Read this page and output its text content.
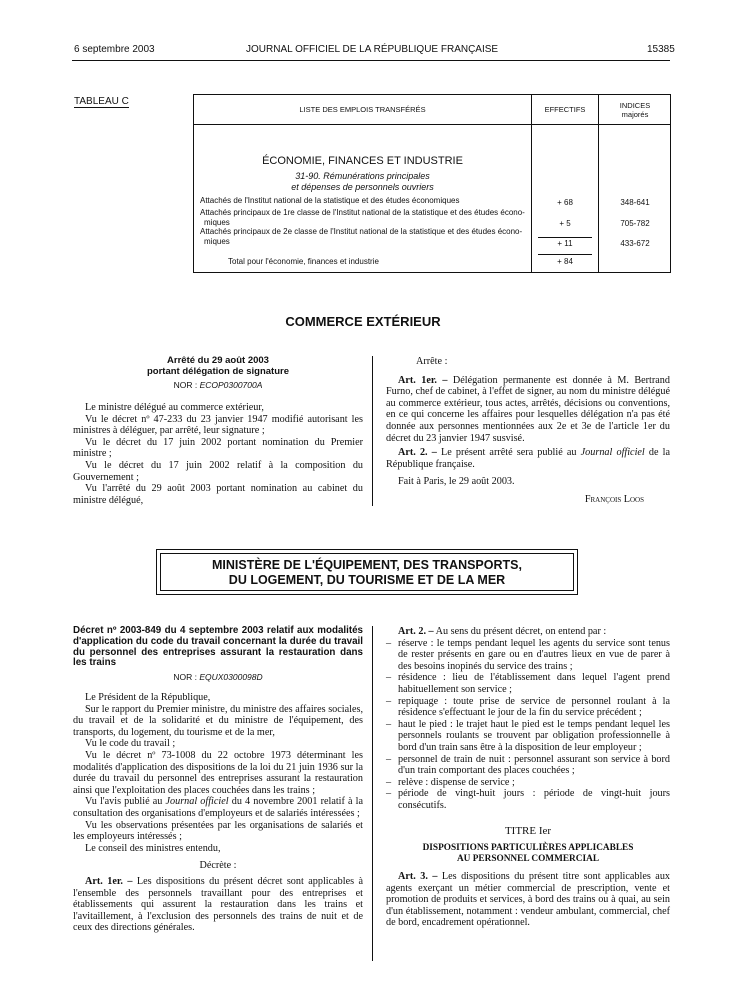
6 septembre 2003	JOURNAL OFFICIEL DE LA RÉPUBLIQUE FRANÇAISE	15385
TABLEAU C
LISTE DES EMPLOIS TRANSFÉRÉS	EFFECTIFS	INDICES
majorés
ÉCONOMIE, FINANCES ET INDUSTRIE
31-90. Rémunérations principales
et dépenses de personnels ouvriers
Attachés de l'Institut national de la statistique et des études économiques	+ 68	348-641
Attachés principaux de 1re classe de l'Institut national de la statistique et des études écono-
miques	+ 5	705-782
Attachés principaux de 2e classe de l'Institut national de la statistique et des études écono-
miques	+ 11	433-672
Total pour l'économie, finances et industrie	+ 84
COMMERCE EXTÉRIEUR
Arrêté du 29 août 2003
portant délégation de signature
NOR : ECOP0300700A
Le ministre délégué au commerce extérieur,
Vu le décret nº 47-233 du 23 janvier 1947 modifié autorisant les ministres à déléguer, par arrêté, leur signature ;
Vu le décret du 17 juin 2002 portant nomination du Premier ministre ;
Vu le décret du 17 juin 2002 relatif à la composition du Gouvernement ;
Vu l'arrêté du 29 août 2003 portant nomination au cabinet du ministre délégué,
Arrête :
Art. 1er. – Délégation permanente est donnée à M. Bertrand Furno, chef de cabinet, à l'effet de signer, au nom du ministre délégué au commerce extérieur, tous actes, arrêtés, décisions ou conventions, en ce qui concerne les affaires pour lesquelles délégation n'a pas été donnée aux personnes mentionnées aux 2e et 3e de l'article 1er du décret du 23 janvier 1947 susvisé.
Art. 2. – Le présent arrêté sera publié au Journal officiel de la République française.
Fait à Paris, le 29 août 2003.
François Loos
MINISTÈRE DE L'ÉQUIPEMENT, DES TRANSPORTS,
DU LOGEMENT, DU TOURISME ET DE LA MER
Décret nº 2003-849 du 4 septembre 2003 relatif aux modalités d'application du code du travail concernant la durée du travail du personnel des entreprises assurant la restauration dans les trains
NOR : EQUX0300098D
Le Président de la République,
Sur le rapport du Premier ministre, du ministre des affaires sociales, du travail et de la solidarité et du ministre de l'équipement, des transports, du logement, du tourisme et de la mer,
Vu le code du travail ;
Vu le décret nº 73-1008 du 22 octobre 1973 déterminant les modalités d'application des dispositions de la loi du 21 juin 1936 sur la durée du travail du personnel des entreprises assurant la restauration ainsi que l'exploitation des places couchées dans les trains ;
Vu l'avis publié au Journal officiel du 4 novembre 2001 relatif à la consultation des organisations d'employeurs et de salariés intéressées ;
Vu les observations présentées par les organisations de salariés et les employeurs intéressés ;
Le conseil des ministres entendu,
Décrète :
Art. 1er. – Les dispositions du présent décret sont applicables à l'ensemble des personnels travaillant pour des entreprises et établissements qui assurent la restauration dans les trains et l'avitaillement, à l'exclusion des personnels des trains de nuit et de ceux des directions générales.
Art. 2. – Au sens du présent décret, on entend par :
– réserve : le temps pendant lequel les agents du service sont tenus de rester présents en gare ou en d'autres lieux en vue de parer à des besoins inopinés du service des trains ;
– résidence : lieu de l'établissement dans lequel l'agent prend habituellement son service ;
– repiquage : toute prise de service de personnel roulant à la résidence s'effectuant le jour de la fin du service précédent ;
– haut le pied : le trajet haut le pied est le temps pendant lequel les personnels roulants se trouvent par obligation professionnelle à bord d'un train sans être à la disposition de leur employeur ;
– personnel de train de nuit : personnel assurant son service à bord d'un train comportant des places couchées ;
– relève : dispense de service ;
– période de vingt-huit jours : période de vingt-huit jours consécutifs.
TITRE Ier
DISPOSITIONS PARTICULIÈRES APPLICABLES
AU PERSONNEL COMMERCIAL
Art. 3. – Les dispositions du présent titre sont applicables aux agents exerçant un métier commercial de prescription, vente et promotion de produits et services, à bord des trains ou à quai, au sein d'un établissement, notamment : vendeur ambulant, commercial, chef de bord, encadrement opérationnel.
